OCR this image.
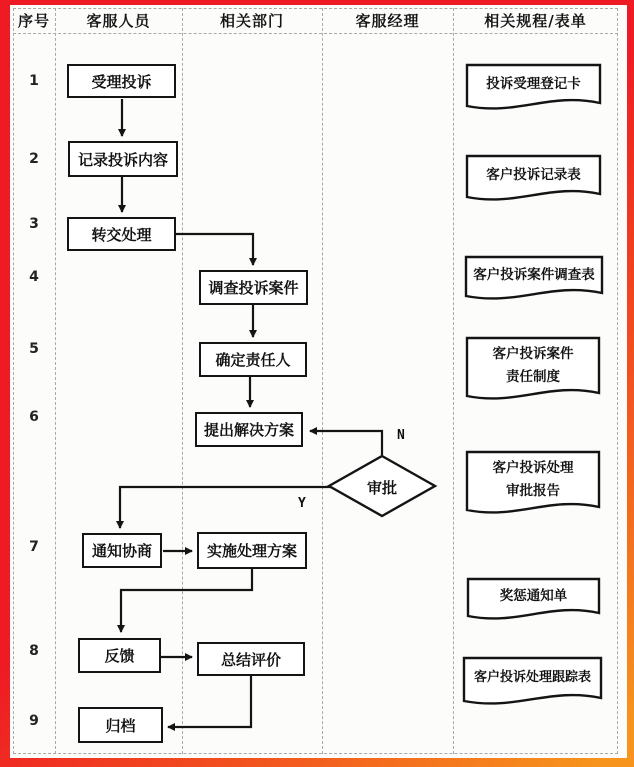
序号	客服人员	相关部门	客服经理	相关规程/表单
1
2
3
4
5
6
7
8
9
受理投诉
记录投诉内容
转交处理
调查投诉案件
确定责任人
提出解决方案
通知协商	实施处理方案
反馈	总结评价
归档
审批
N
Y
投诉受理登记卡
客户投诉记录表
客户投诉案件调查表
客户投诉案件
责任制度
客户投诉处理
审批报告
奖惩通知单
客户投诉处理跟踪表
